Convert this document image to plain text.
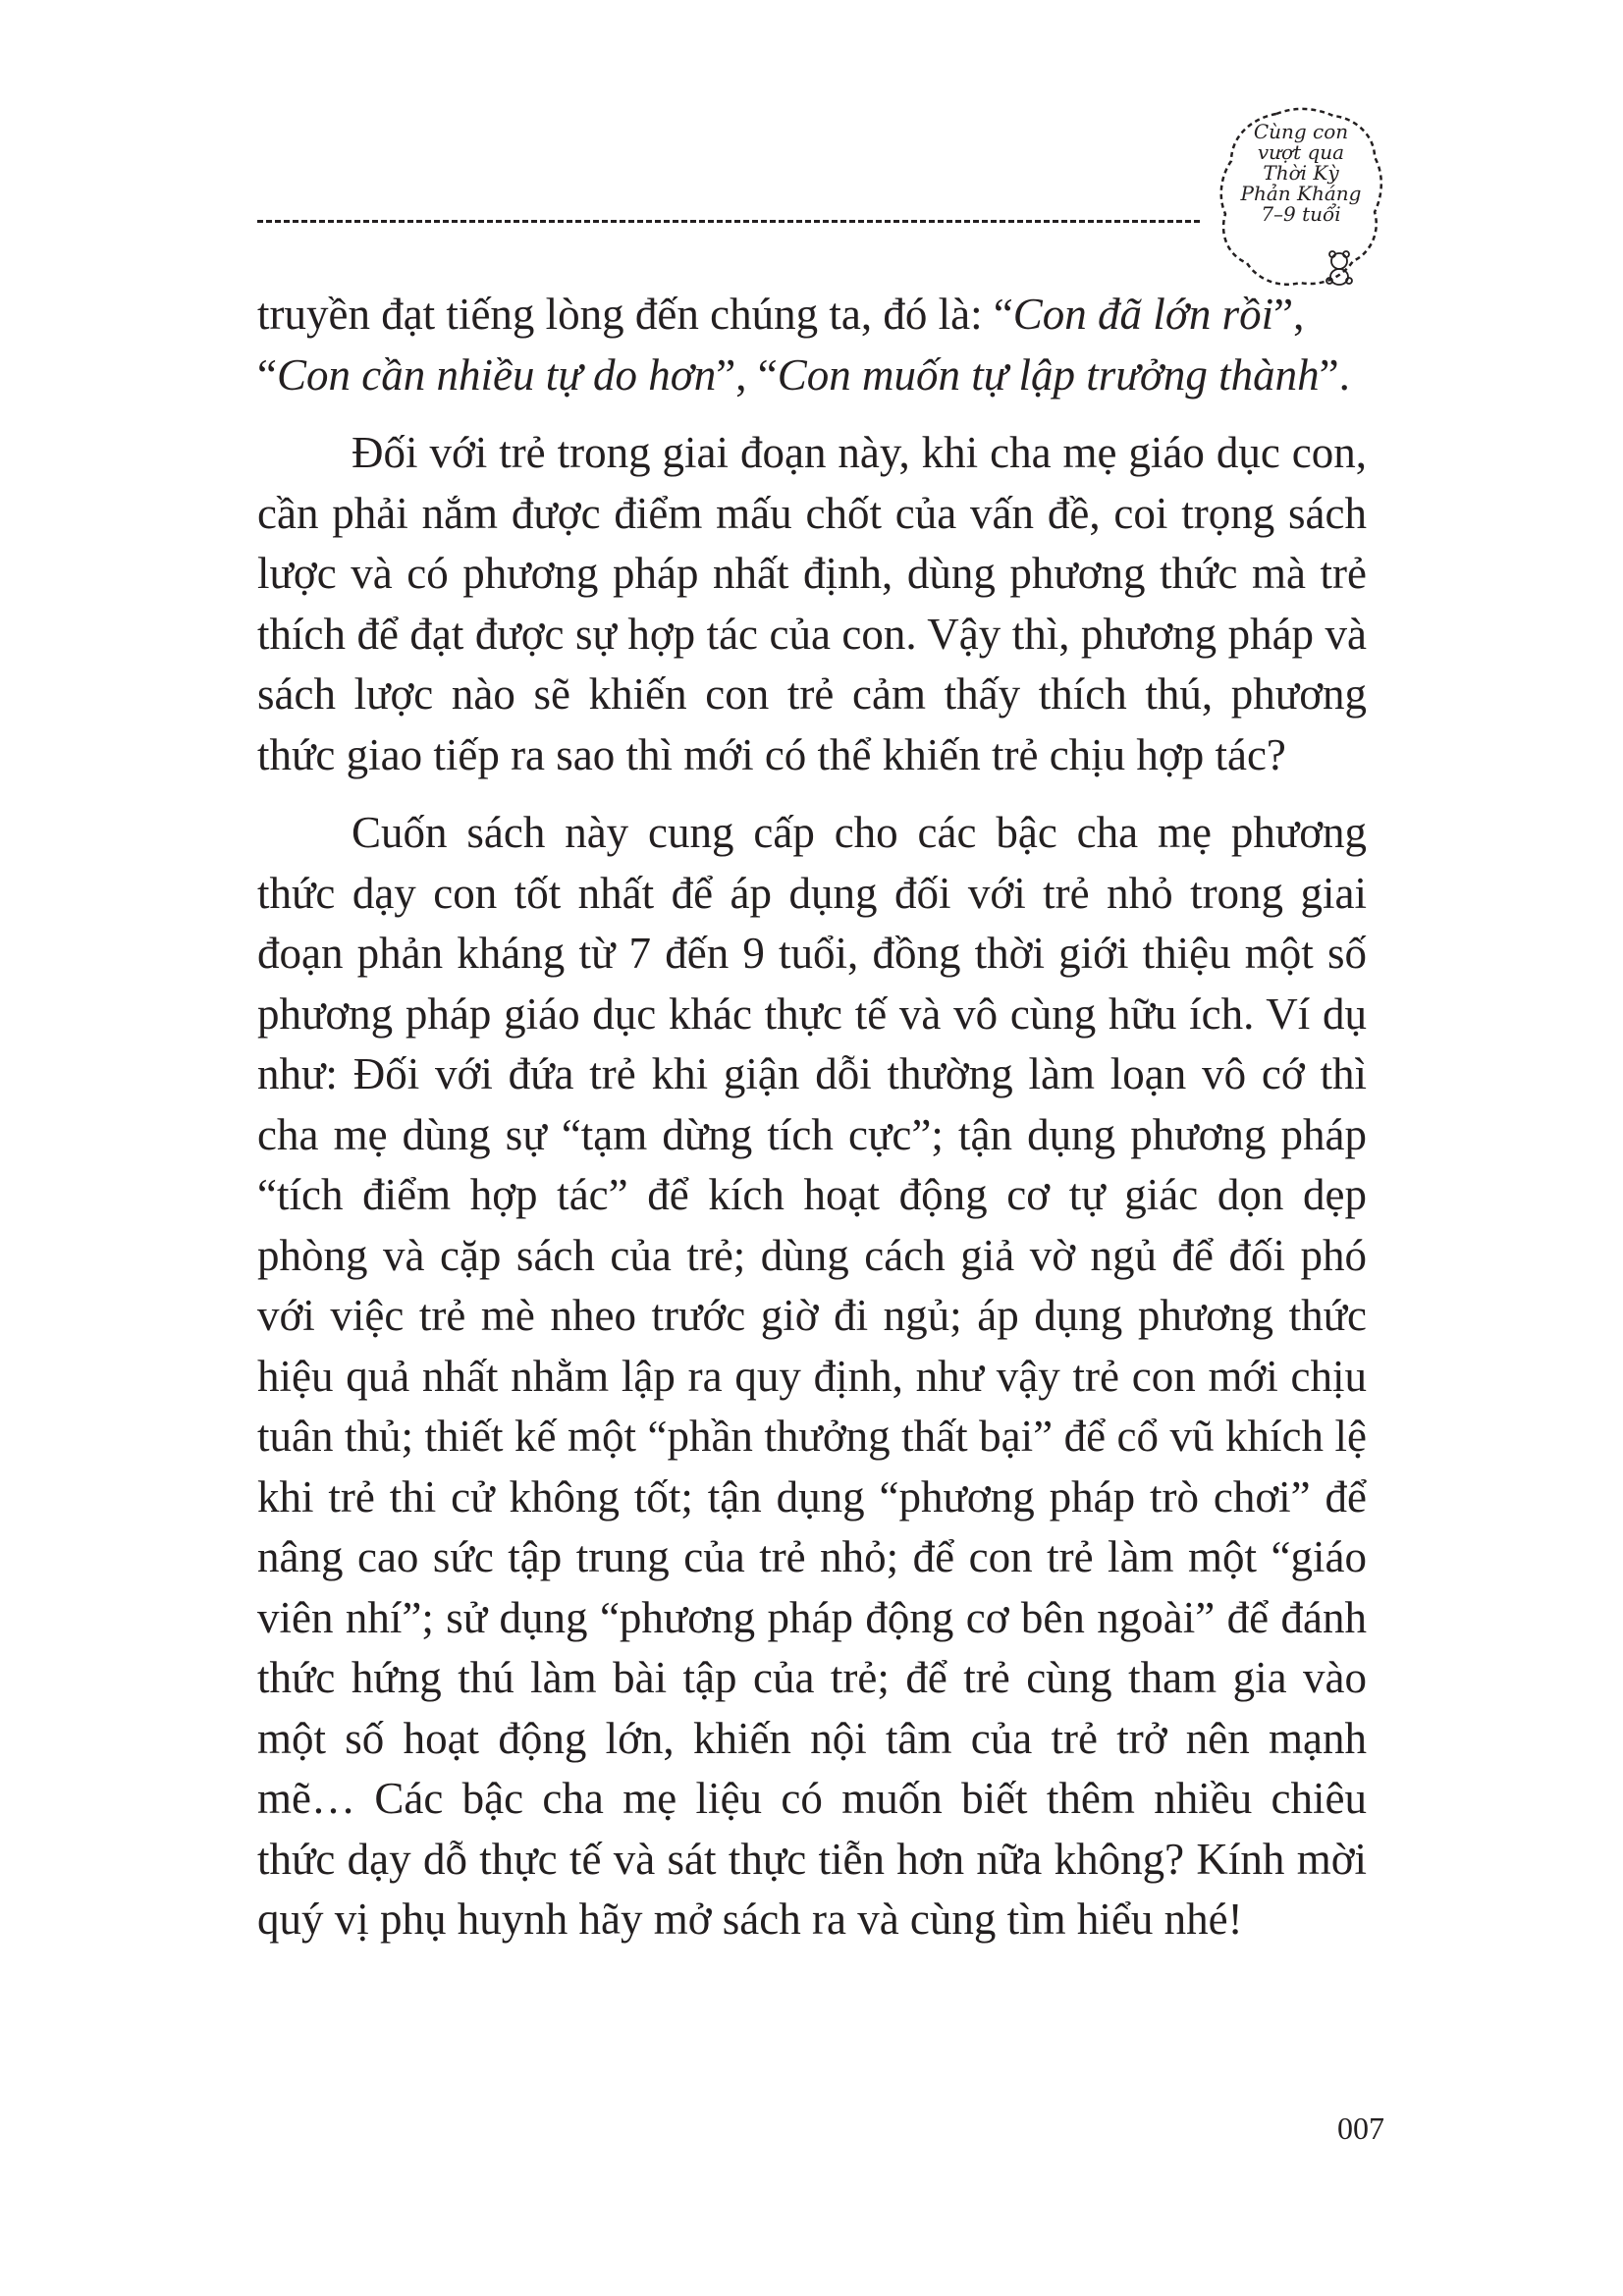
Cùng con
vượt qua
Thời Kỳ
Phản Kháng
7–9 tuổi

truyền đạt tiếng lòng đến chúng ta, đó là: “Con đã lớn rồi”, “Con cần nhiều tự do hơn”, “Con muốn tự lập trưởng thành”.

Đối với trẻ trong giai đoạn này, khi cha mẹ giáo dục con, cần phải nắm được điểm mấu chốt của vấn đề, coi trọng sách lược và có phương pháp nhất định, dùng phương thức mà trẻ thích để đạt được sự hợp tác của con. Vậy thì, phương pháp và sách lược nào sẽ khiến con trẻ cảm thấy thích thú, phương thức giao tiếp ra sao thì mới có thể khiến trẻ chịu hợp tác?

Cuốn sách này cung cấp cho các bậc cha mẹ phương thức dạy con tốt nhất để áp dụng đối với trẻ nhỏ trong giai đoạn phản kháng từ 7 đến 9 tuổi, đồng thời giới thiệu một số phương pháp giáo dục khác thực tế và vô cùng hữu ích. Ví dụ như: Đối với đứa trẻ khi giận dỗi thường làm loạn vô cớ thì cha mẹ dùng sự “tạm dừng tích cực”; tận dụng phương pháp “tích điểm hợp tác” để kích hoạt động cơ tự giác dọn dẹp phòng và cặp sách của trẻ; dùng cách giả vờ ngủ để đối phó với việc trẻ mè nheo trước giờ đi ngủ; áp dụng phương thức hiệu quả nhất nhằm lập ra quy định, như vậy trẻ con mới chịu tuân thủ; thiết kế một “phần thưởng thất bại” để cổ vũ khích lệ khi trẻ thi cử không tốt; tận dụng “phương pháp trò chơi” để nâng cao sức tập trung của trẻ nhỏ; để con trẻ làm một “giáo viên nhí”; sử dụng “phương pháp động cơ bên ngoài” để đánh thức hứng thú làm bài tập của trẻ; để trẻ cùng tham gia vào một số hoạt động lớn, khiến nội tâm của trẻ trở nên mạnh mẽ… Các bậc cha mẹ liệu có muốn biết thêm nhiều chiêu thức dạy dỗ thực tế và sát thực tiễn hơn nữa không? Kính mời quý vị phụ huynh hãy mở sách ra và cùng tìm hiểu nhé!

007
